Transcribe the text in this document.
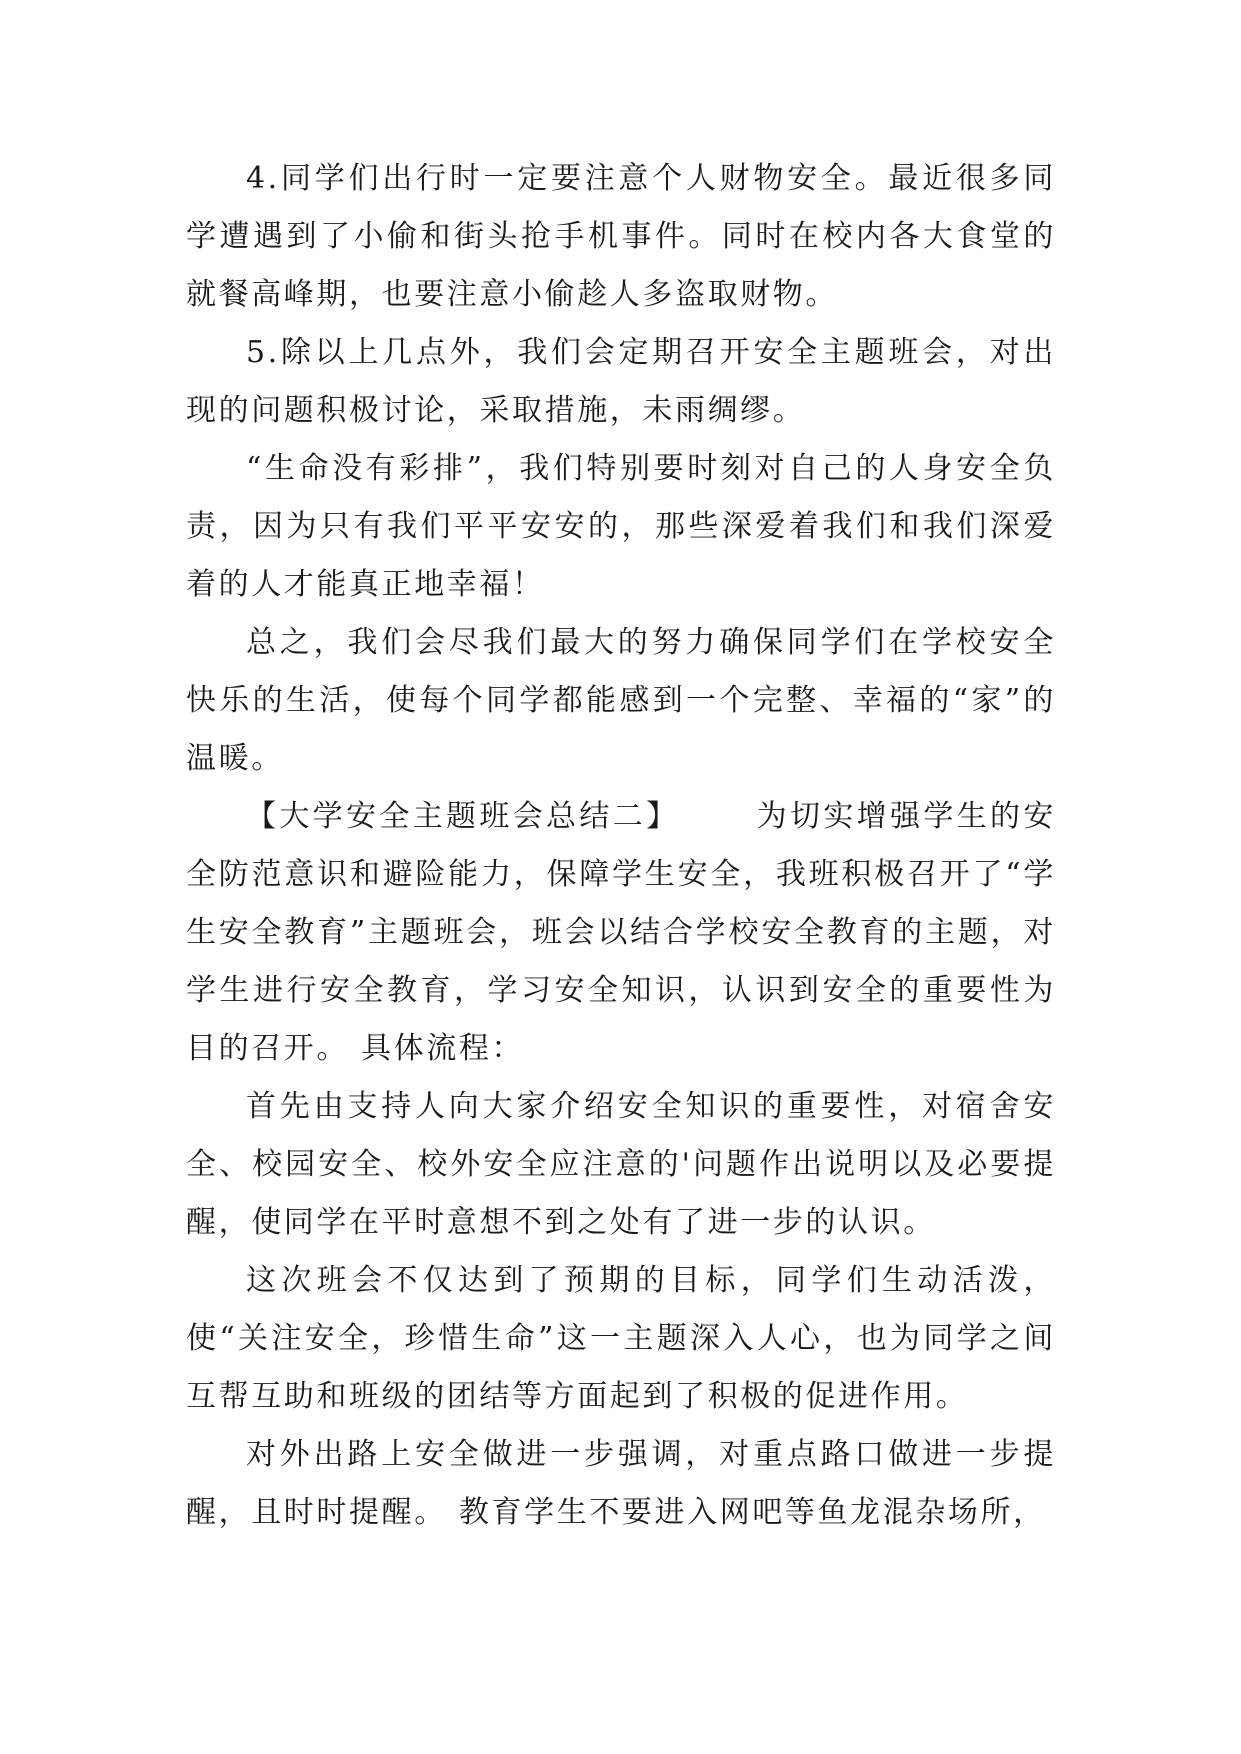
4.同学们出行时一定要注意个人财物安全。最近很多同学遭遇到了小偷和街头抢手机事件。同时在校内各大食堂的就餐高峰期，也要注意小偷趁人多盗取财物。

5.除以上几点外，我们会定期召开安全主题班会，对出现的问题积极讨论，采取措施，未雨绸缪。

“生命没有彩排”，我们特别要时刻对自己的人身安全负责，因为只有我们平平安安的，那些深爱着我们和我们深爱着的人才能真正地幸福！

总之，我们会尽我们最大的努力确保同学们在学校安全快乐的生活，使每个同学都能感到一个完整、幸福的“家”的温暖。

【大学安全主题班会总结二】      为切实增强学生的安全防范意识和避险能力，保障学生安全，我班积极召开了“学生安全教育”主题班会，班会以结合学校安全教育的主题，对学生进行安全教育，学习安全知识，认识到安全的重要性为目的召开。 具体流程：

首先由支持人向大家介绍安全知识的重要性，对宿舍安全、校园安全、校外安全应注意的'问题作出说明以及必要提醒，使同学在平时意想不到之处有了进一步的认识。

这次班会不仅达到了预期的目标，同学们生动活泼，使“关注安全，珍惜生命”这一主题深入人心，也为同学之间互帮互助和班级的团结等方面起到了积极的促进作用。

对外出路上安全做进一步强调，对重点路口做进一步提醒，且时时提醒。 教育学生不要进入网吧等鱼龙混杂场所，
